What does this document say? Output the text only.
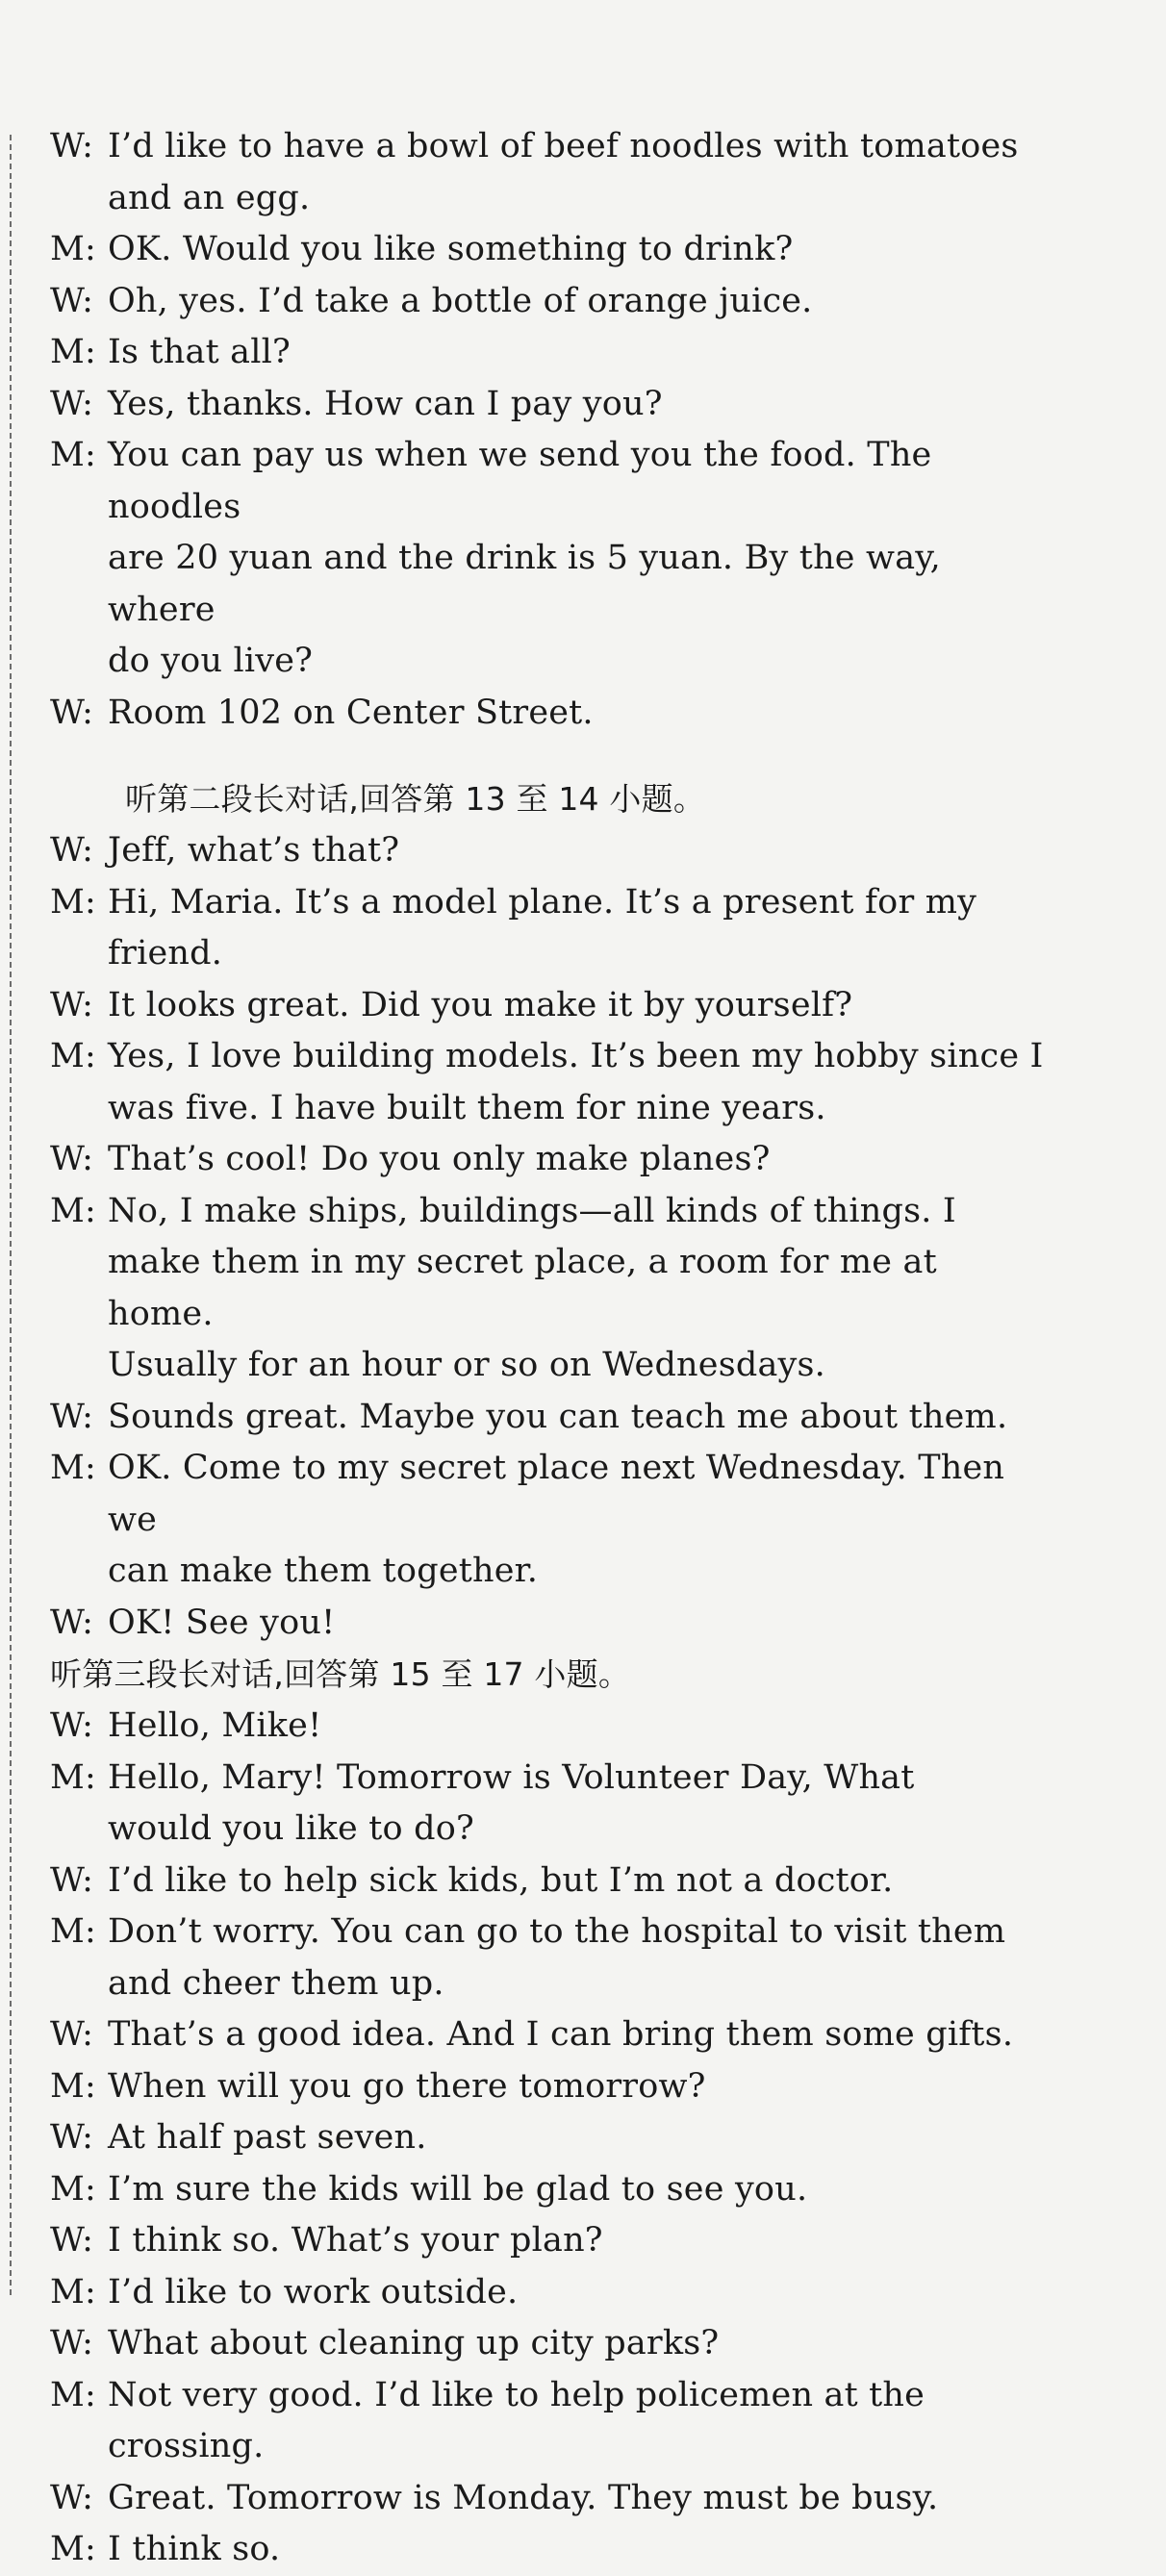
W: I’d like to have a bowl of beef noodles with tomatoes
and an egg.
M: OK. Would you like something to drink?
W: Oh, yes. I’d take a bottle of orange juice.
M: Is that all?
W: Yes, thanks. How can I pay you?
M: You can pay us when we send you the food. The noodles
are 20 yuan and the drink is 5 yuan. By the way, where
do you live?
W: Room 102 on Center Street.
听第二段长对话,回答第 13 至 14 小题。
W: Jeff, what’s that?
M: Hi, Maria. It’s a model plane. It’s a present for my friend.
W: It looks great. Did you make it by yourself?
M: Yes, I love building models. It’s been my hobby since I
was five. I have built them for nine years.
W: That’s cool! Do you only make planes?
M: No, I make ships, buildings—all kinds of things. I
make them in my secret place, a room for me at home.
Usually for an hour or so on Wednesdays.
W: Sounds great. Maybe you can teach me about them.
M: OK. Come to my secret place next Wednesday. Then we
can make them together.
W: OK! See you!
听第三段长对话,回答第 15 至 17 小题。
W: Hello, Mike!
M: Hello, Mary! Tomorrow is Volunteer Day, What
would you like to do?
W: I’d like to help sick kids, but I’m not a doctor.
M: Don’t worry. You can go to the hospital to visit them
and cheer them up.
W: That’s a good idea. And I can bring them some gifts.
M: When will you go there tomorrow?
W: At half past seven.
M: I’m sure the kids will be glad to see you.
W: I think so. What’s your plan?
M: I’d like to work outside.
W: What about cleaning up city parks?
M: Not very good. I’d like to help policemen at the crossing.
W: Great. Tomorrow is Monday. They must be busy.
M: I think so.
